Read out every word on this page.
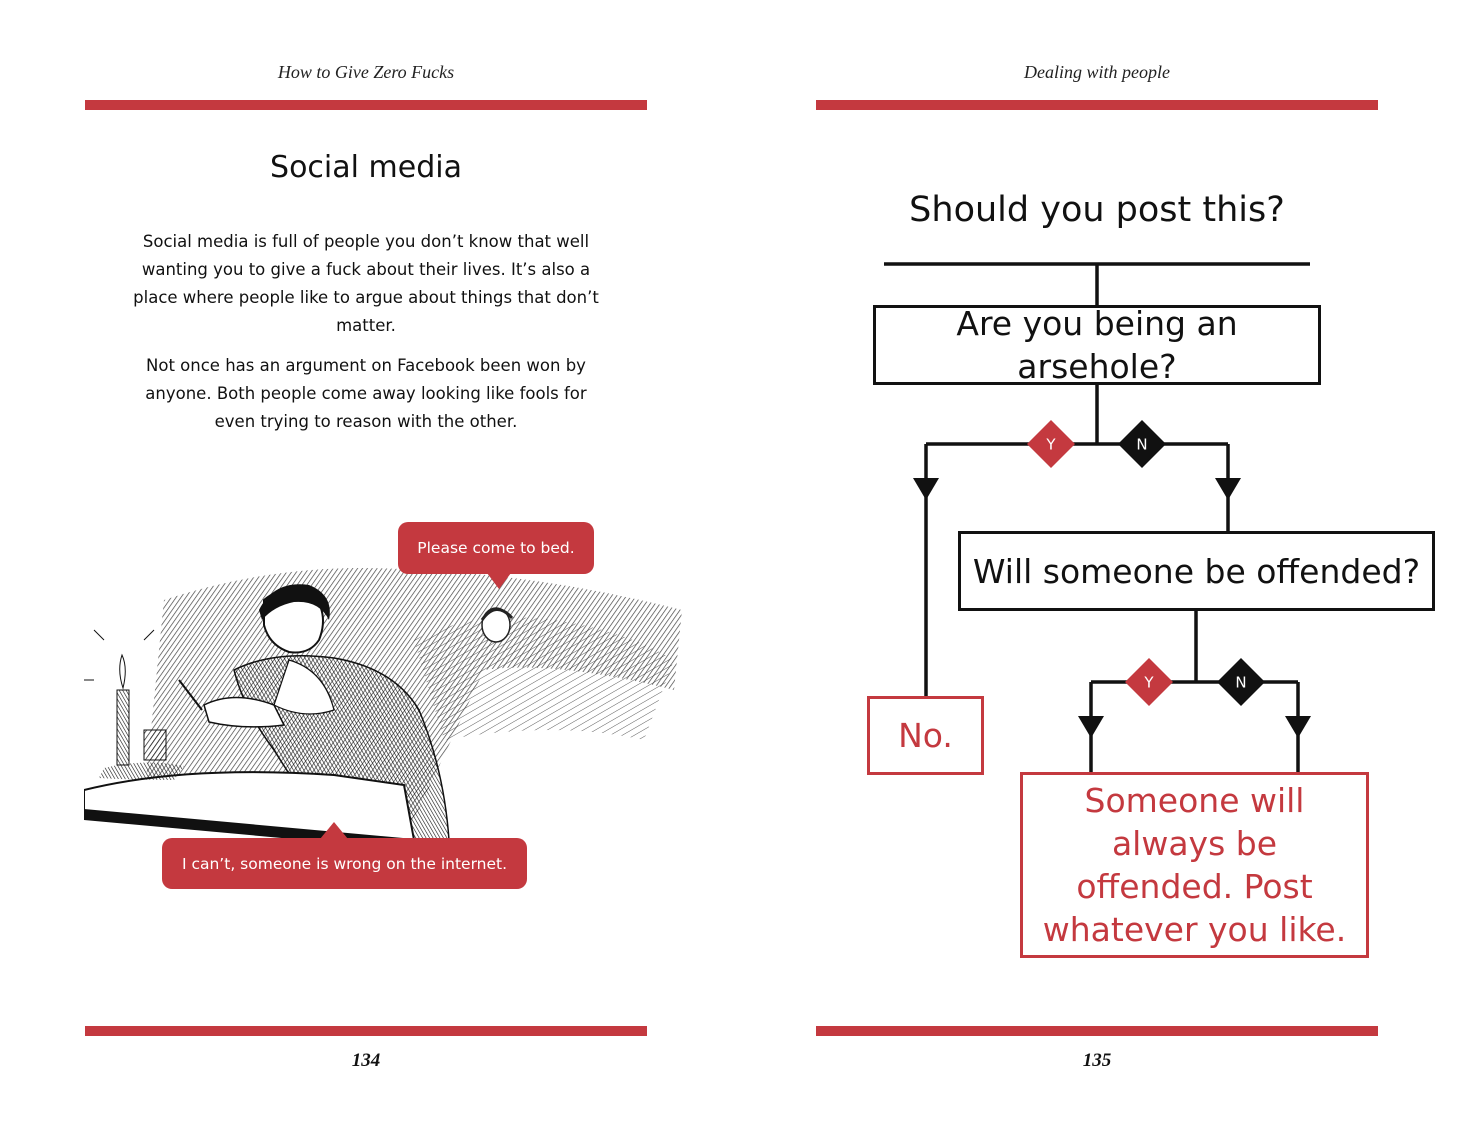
How to Give Zero Fucks
Social media
Social media is full of people you don’t know that well wanting you to give a fuck about their lives. It’s also a place where people like to argue about things that don’t matter.
Not once has an argument on Facebook been won by anyone. Both people come away looking like fools for even trying to reason with the other.
Please come to bed.
I can’t, someone is wrong on the internet.
134
Dealing with people
Should you post this?
Y	N
Y	N
Are you being an arsehole?
Will someone be offended?
No.
Someone will always be offended. Post whatever you like.
135
